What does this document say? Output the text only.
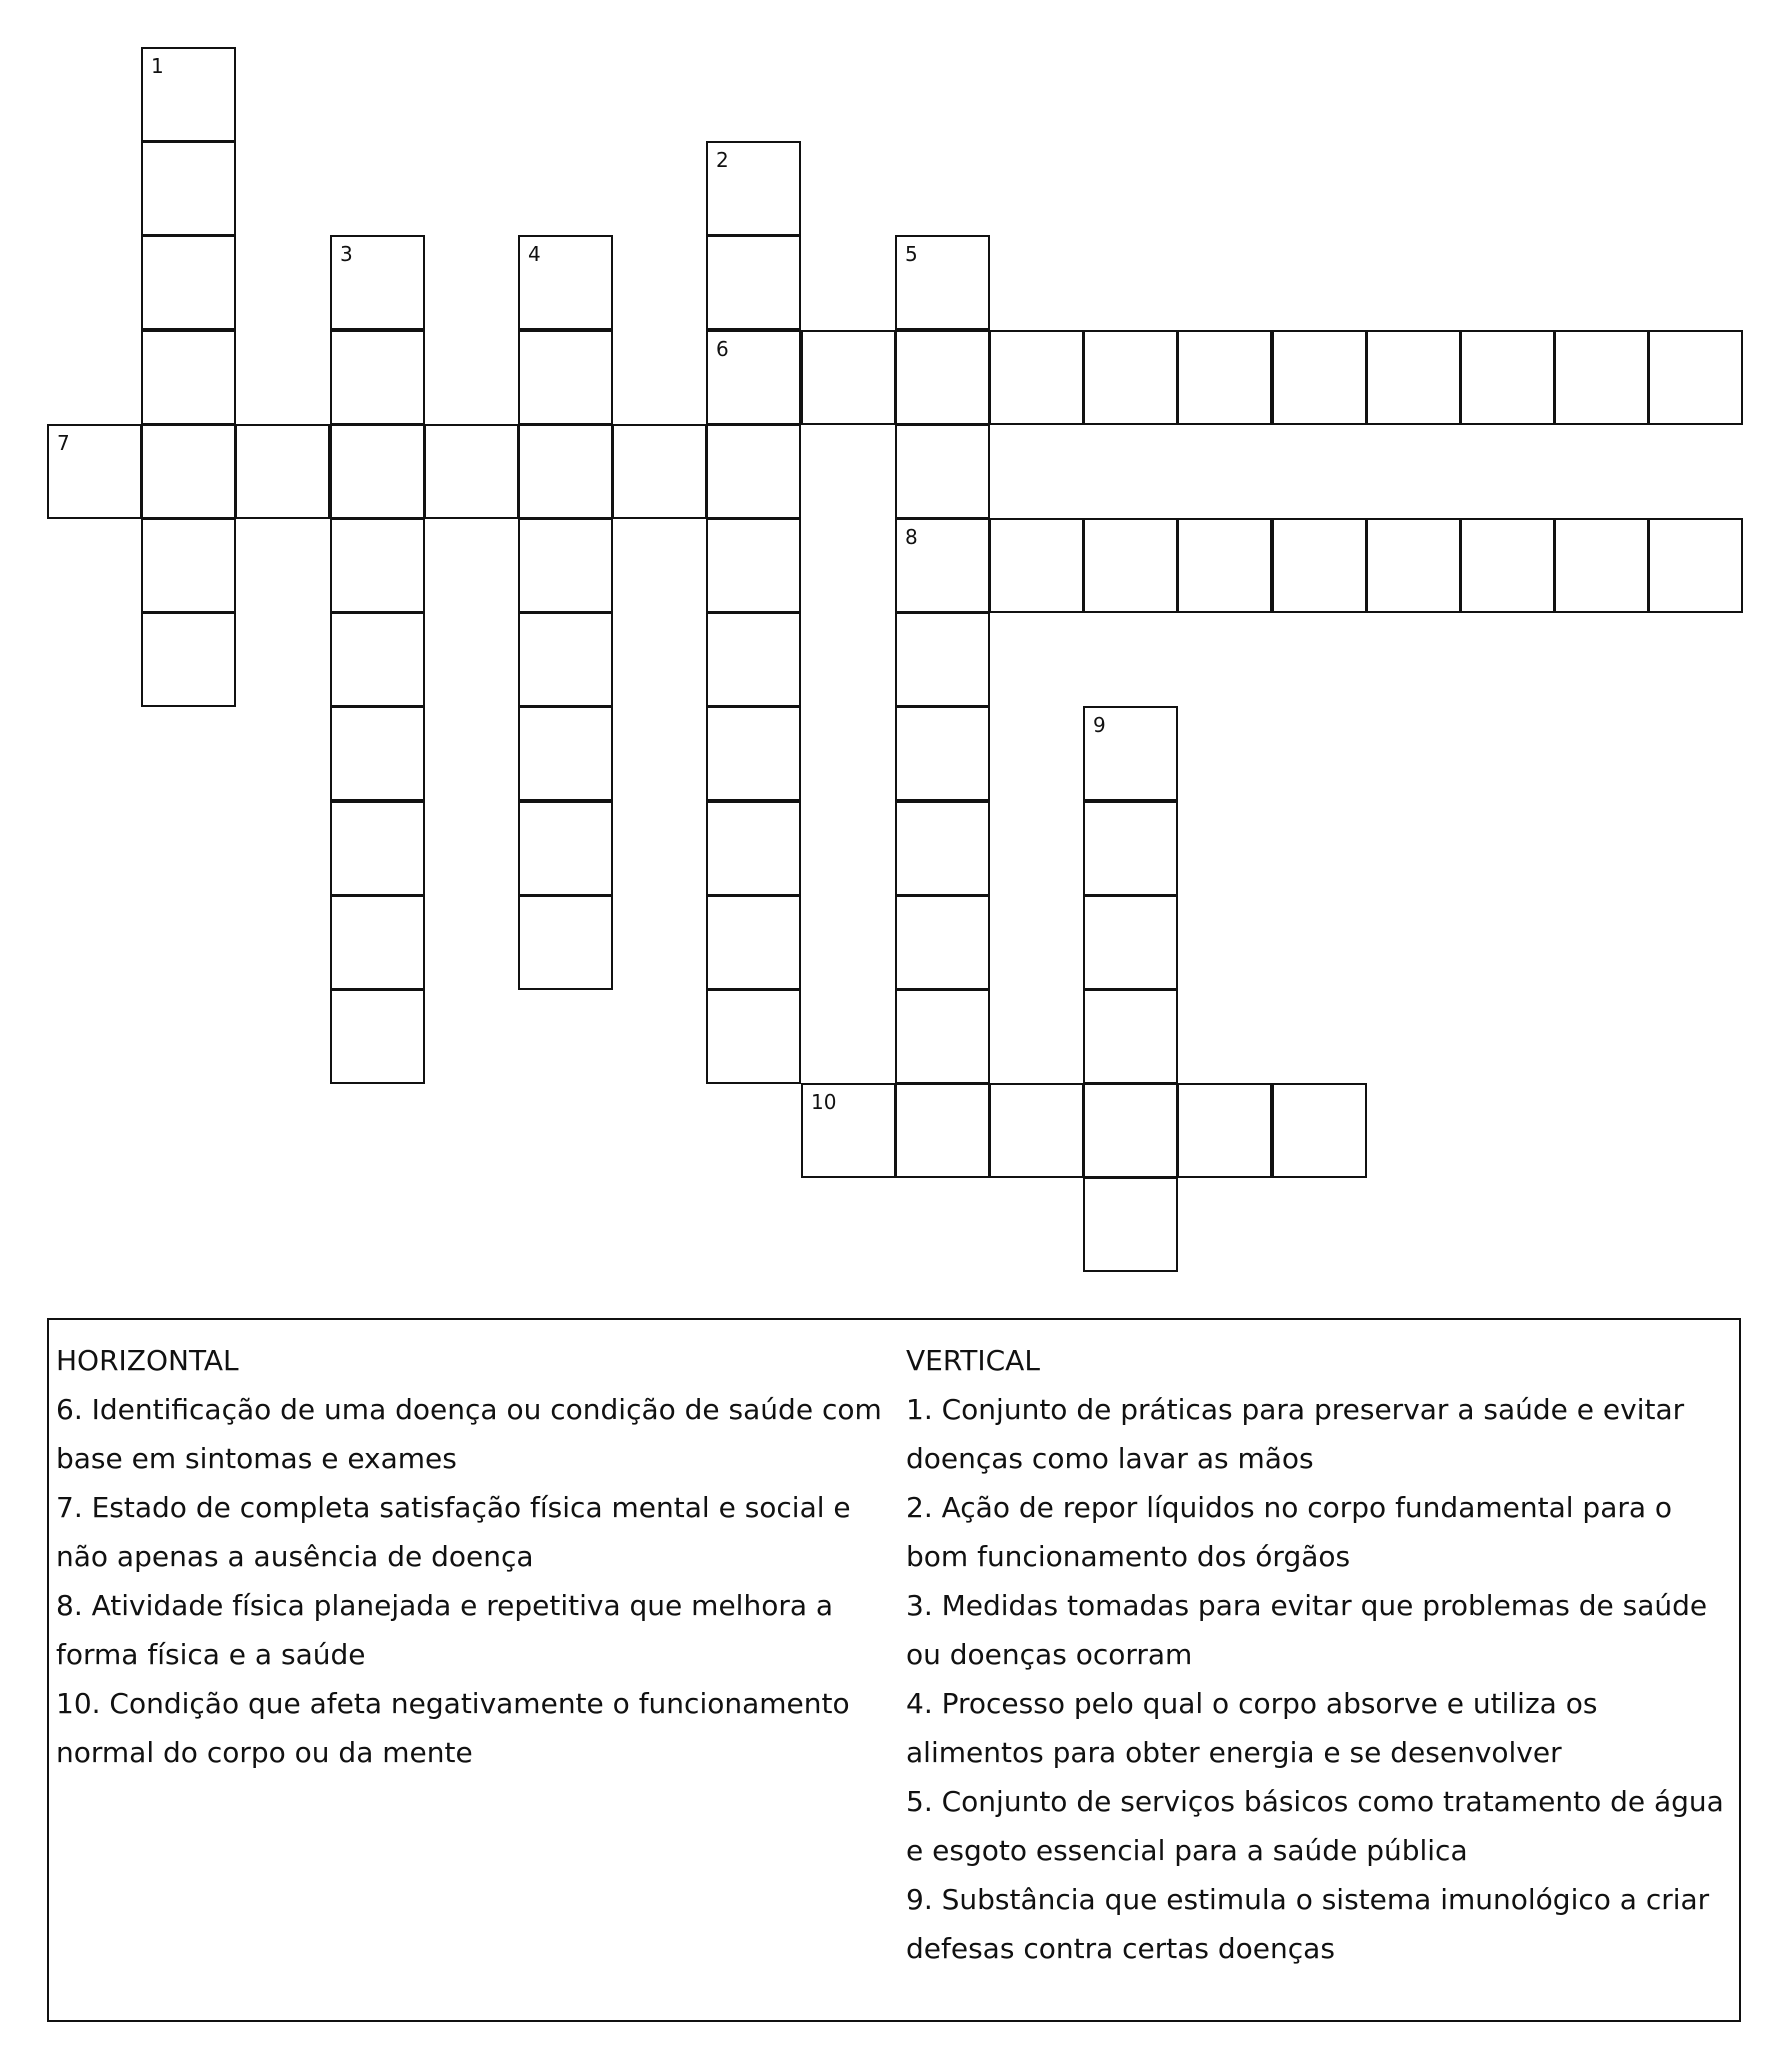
1
2
6
3	4	5
8
7
9
10
HORIZONTAL
6. Identificação de uma doença ou condição de saúde com base em sintomas e exames
7. Estado de completa satisfação física mental e social e não apenas a ausência de doença
8. Atividade física planejada e repetitiva que melhora a forma física e a saúde
10. Condição que afeta negativamente o funcionamento normal do corpo ou da mente
VERTICAL
1. Conjunto de práticas para preservar a saúde e evitar doenças como lavar as mãos
2. Ação de repor líquidos no corpo fundamental para o bom funcionamento dos órgãos
3. Medidas tomadas para evitar que problemas de saúde ou doenças ocorram
4. Processo pelo qual o corpo absorve e utiliza os alimentos para obter energia e se desenvolver
5. Conjunto de serviços básicos como tratamento de água e esgoto essencial para a saúde pública
9. Substância que estimula o sistema imunológico a criar defesas contra certas doenças
